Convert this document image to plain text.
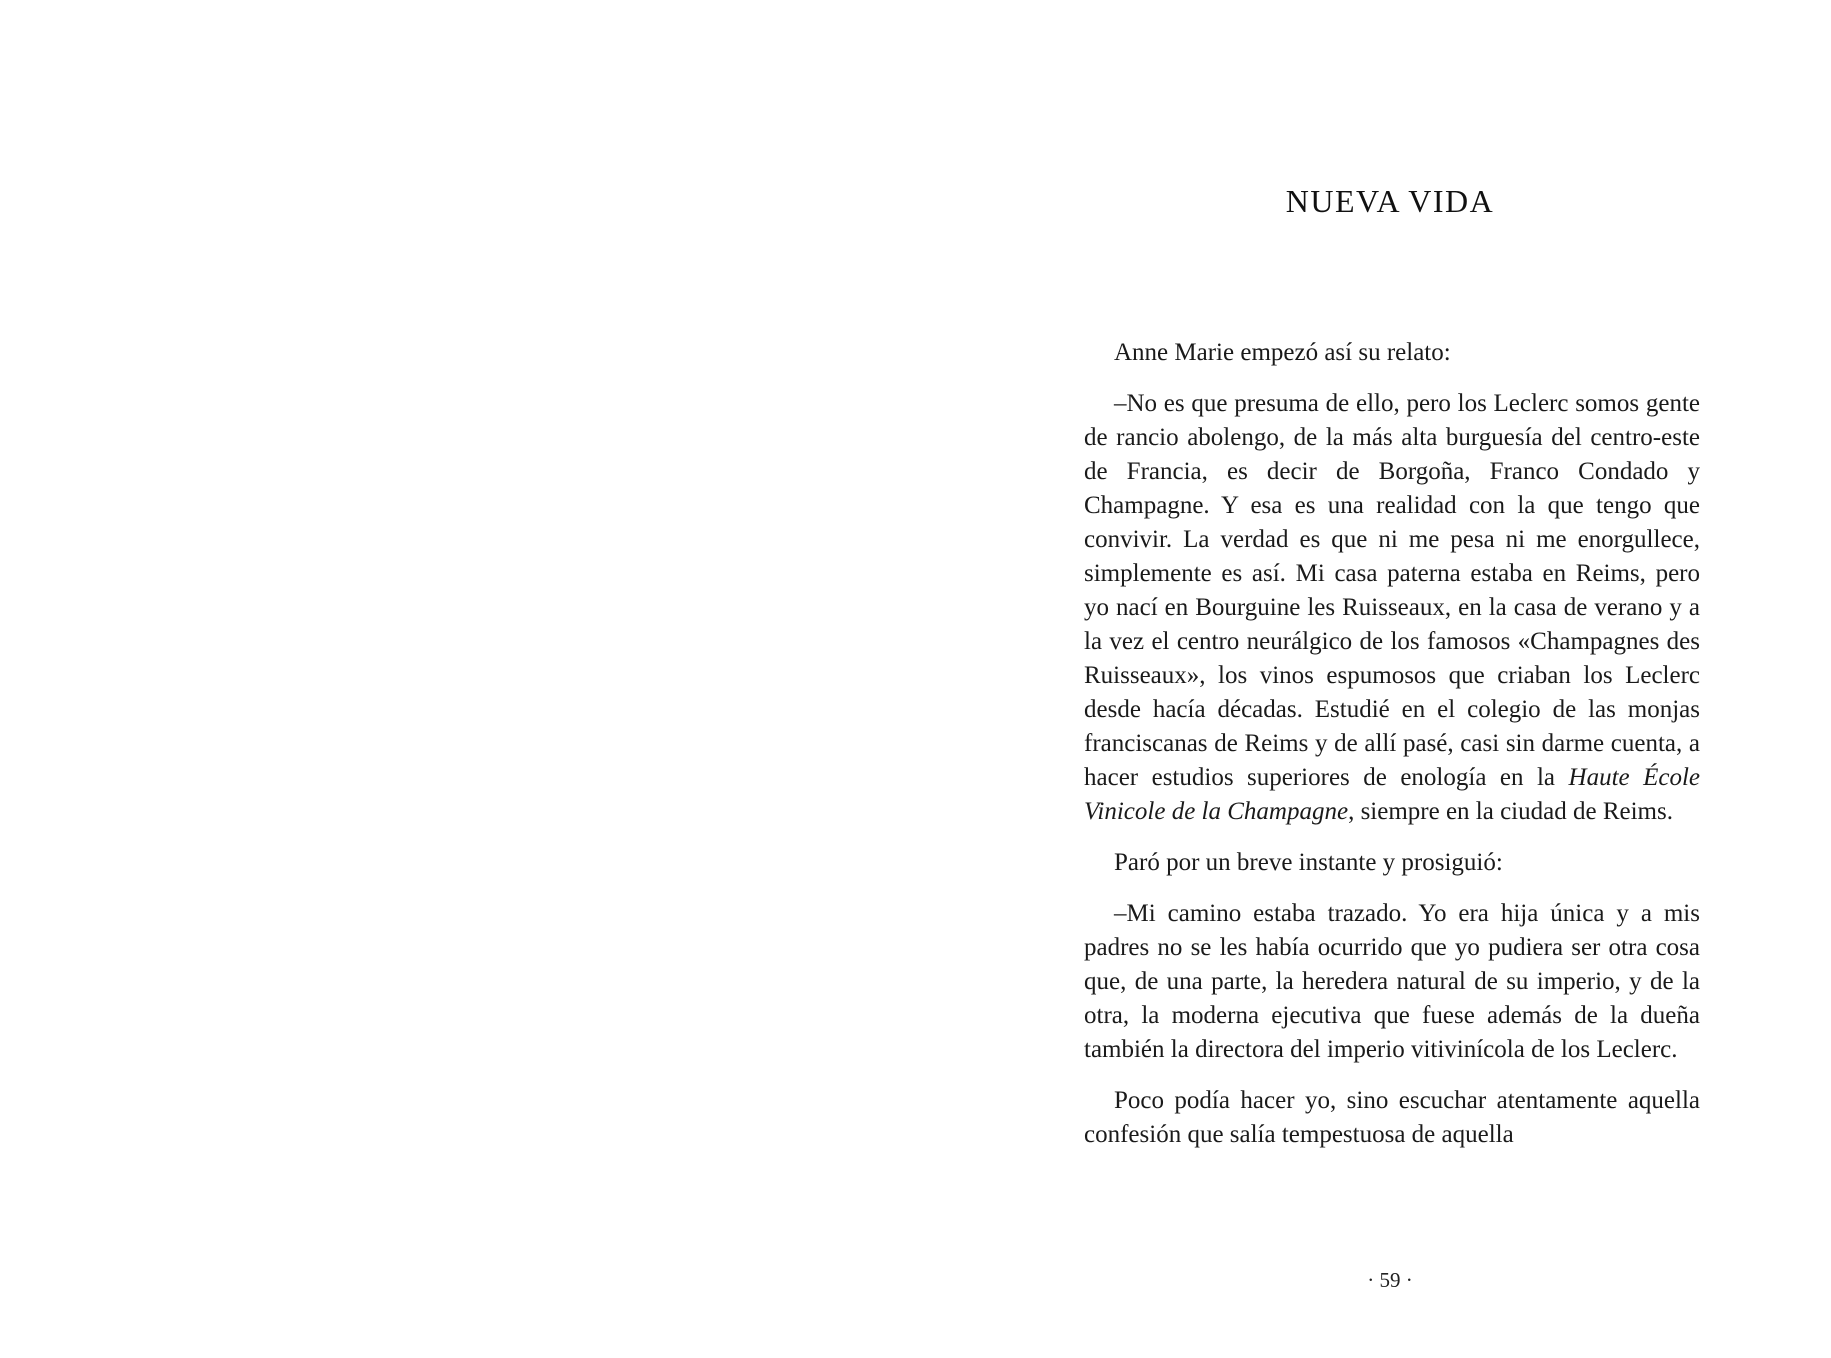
NUEVA VIDA

Anne Marie empezó así su relato:

–No es que presuma de ello, pero los Leclerc somos gente de rancio abolengo, de la más alta burguesía del centro-este de Francia, es decir de Borgoña, Franco Condado y Champagne. Y esa es una realidad con la que tengo que convivir. La verdad es que ni me pesa ni me enorgullece, simplemente es así. Mi casa paterna estaba en Reims, pero yo nací en Bourguine les Ruisseaux, en la casa de verano y a la vez el centro neurálgico de los famosos «Champagnes des Ruisseaux», los vinos espumosos que criaban los Leclerc desde hacía décadas. Estudié en el colegio de las monjas franciscanas de Reims y de allí pasé, casi sin darme cuenta, a hacer estudios superiores de enología en la Haute École Vinicole de la Champagne, siempre en la ciudad de Reims.

Paró por un breve instante y prosiguió:

–Mi camino estaba trazado. Yo era hija única y a mis padres no se les había ocurrido que yo pudiera ser otra cosa que, de una parte, la heredera natural de su imperio, y de la otra, la moderna ejecutiva que fuese además de la dueña también la directora del imperio vitivinícola de los Leclerc.

Poco podía hacer yo, sino escuchar atentamente aquella confesión que salía tempestuosa de aquella

· 59 ·
